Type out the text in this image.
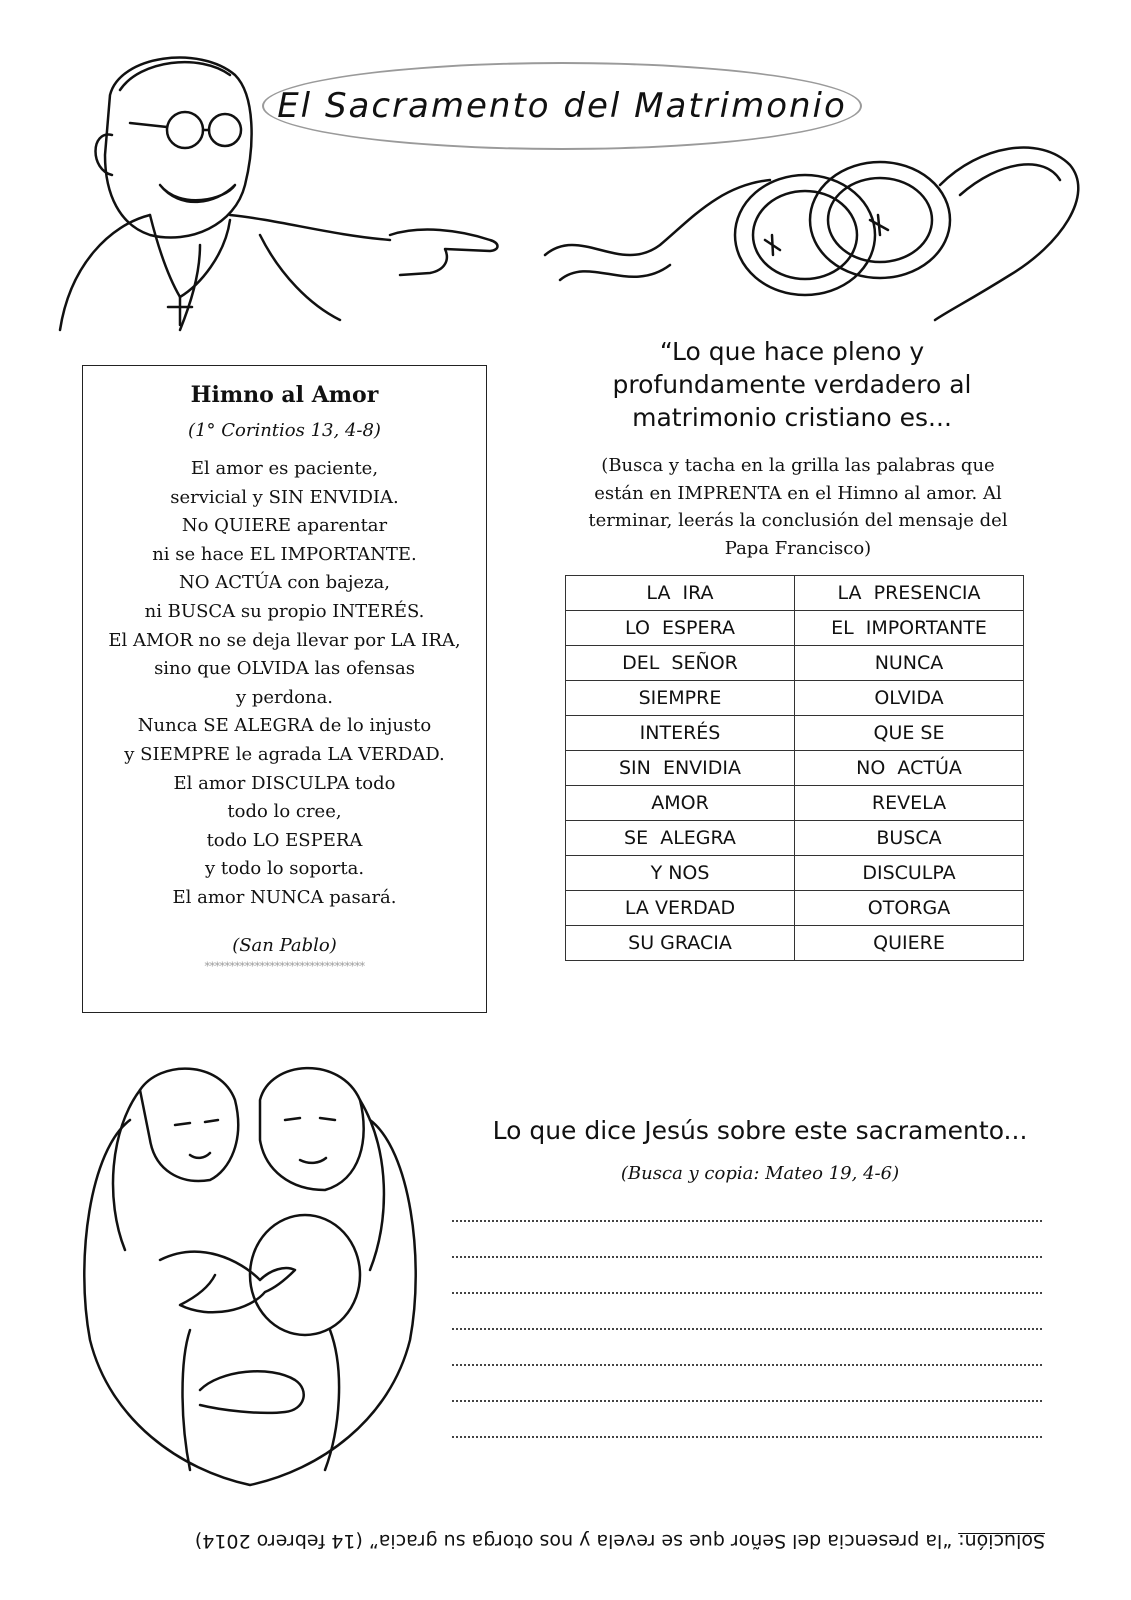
El Sacramento del Matrimonio
Himno al Amor
(1° Corintios 13, 4-8)
El amor es paciente,
servicial y SIN ENVIDIA.
No QUIERE aparentar
ni se hace EL IMPORTANTE.
NO ACTÚA con bajeza,
ni BUSCA su propio INTERÉS.
El AMOR no se deja llevar por LA IRA,
sino que OLVIDA las ofensas
y perdona.
Nunca SE ALEGRA de lo injusto
y SIEMPRE le agrada LA VERDAD.
El amor DISCULPA todo
todo lo cree,
todo LO ESPERA
y todo lo soporta.
El amor NUNCA pasará.
(San Pablo)
********************************
“Lo que hace pleno y
profundamente verdadero al
matrimonio cristiano es...
(Busca y tacha en la grilla las palabras que
están en IMPRENTA en el Himno al amor. Al
terminar, leerás la conclusión del mensaje del
Papa Francisco)
LA  IRA	LA  PRESENCIA
LO  ESPERA	EL  IMPORTANTE
DEL  SEÑOR	NUNCA
SIEMPRE	OLVIDA
INTERÉS	QUE SE
SIN  ENVIDIA	NO  ACTÚA
AMOR	REVELA
SE  ALEGRA	BUSCA
Y NOS	DISCULPA
LA VERDAD	OTORGA
SU GRACIA	QUIERE
Lo que dice Jesús sobre este sacramento...
(Busca y copia: Mateo 19, 4-6)
Solución: “la presencia del Señor que se revela y nos otorga su gracia” (14 febrero 2014)
